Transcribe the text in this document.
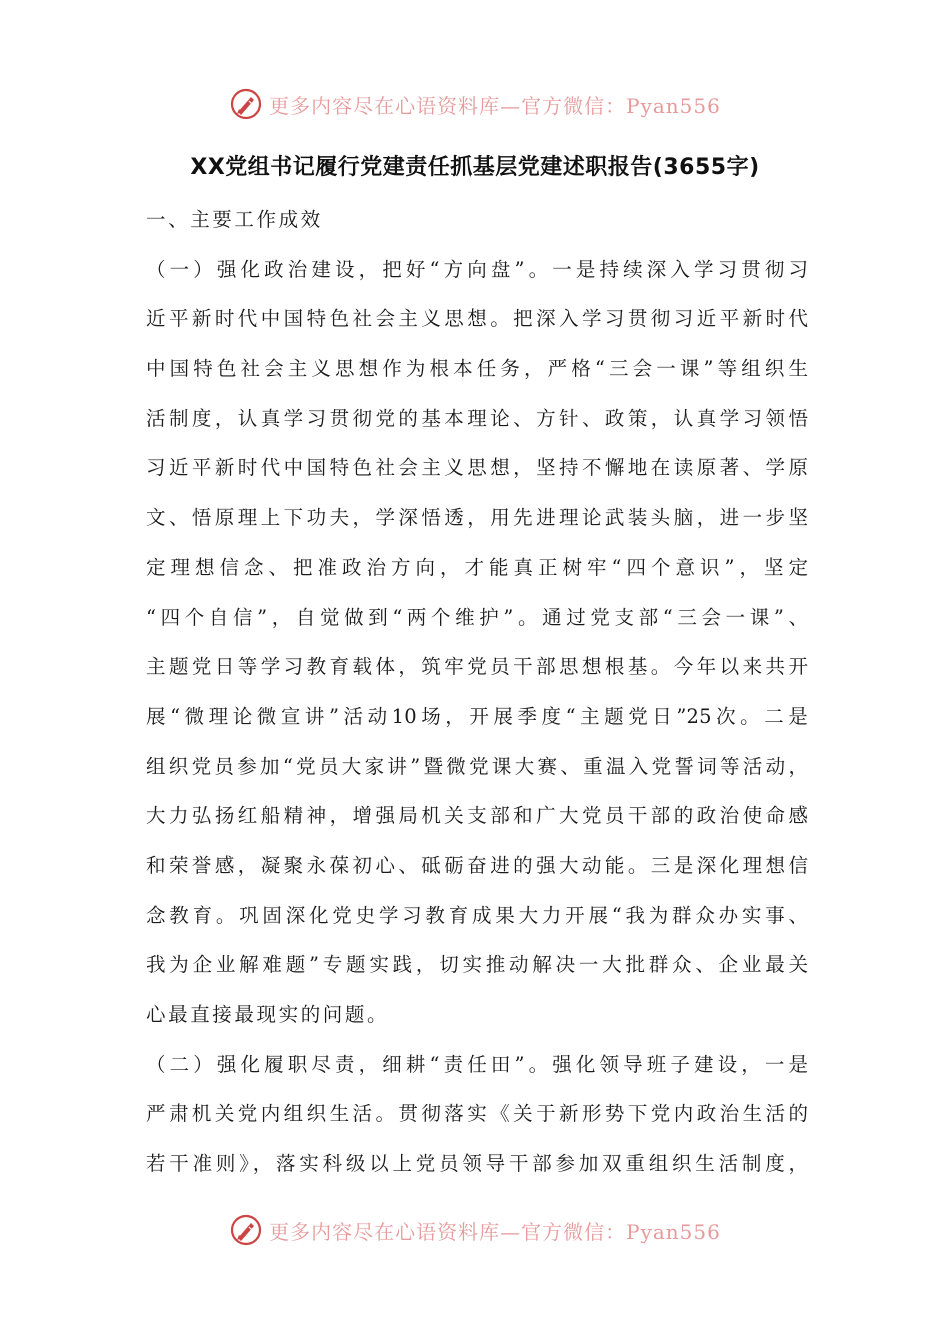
更多内容尽在心语资料库—官方微信：Pyan556
XX党组书记履行党建责任抓基层党建述职报告(3655字)
一、主要工作成效
（一）强化政治建设，把好“方向盘”。一是持续深入学习贯彻习
近平新时代中国特色社会主义思想。把深入学习贯彻习近平新时代
中国特色社会主义思想作为根本任务，严格“三会一课”等组织生
活制度，认真学习贯彻党的基本理论、方针、政策，认真学习领悟
习近平新时代中国特色社会主义思想，坚持不懈地在读原著、学原
文、悟原理上下功夫，学深悟透，用先进理论武装头脑，进一步坚
定理想信念、把准政治方向，才能真正树牢“四个意识”，坚定
“四个自信”，自觉做到“两个维护”。通过党支部“三会一课”、
主题党日等学习教育载体，筑牢党员干部思想根基。今年以来共开
展“微理论微宣讲”活动10场，开展季度“主题党日”25次。二是
组织党员参加“党员大家讲”暨微党课大赛、重温入党誓词等活动，
大力弘扬红船精神，增强局机关支部和广大党员干部的政治使命感
和荣誉感，凝聚永葆初心、砥砺奋进的强大动能。三是深化理想信
念教育。巩固深化党史学习教育成果大力开展“我为群众办实事、
我为企业解难题”专题实践，切实推动解决一大批群众、企业最关
心最直接最现实的问题。
（二）强化履职尽责，细耕“责任田”。强化领导班子建设，一是
严肃机关党内组织生活。贯彻落实《关于新形势下党内政治生活的
若干准则》，落实科级以上党员领导干部参加双重组织生活制度，
更多内容尽在心语资料库—官方微信：Pyan556
